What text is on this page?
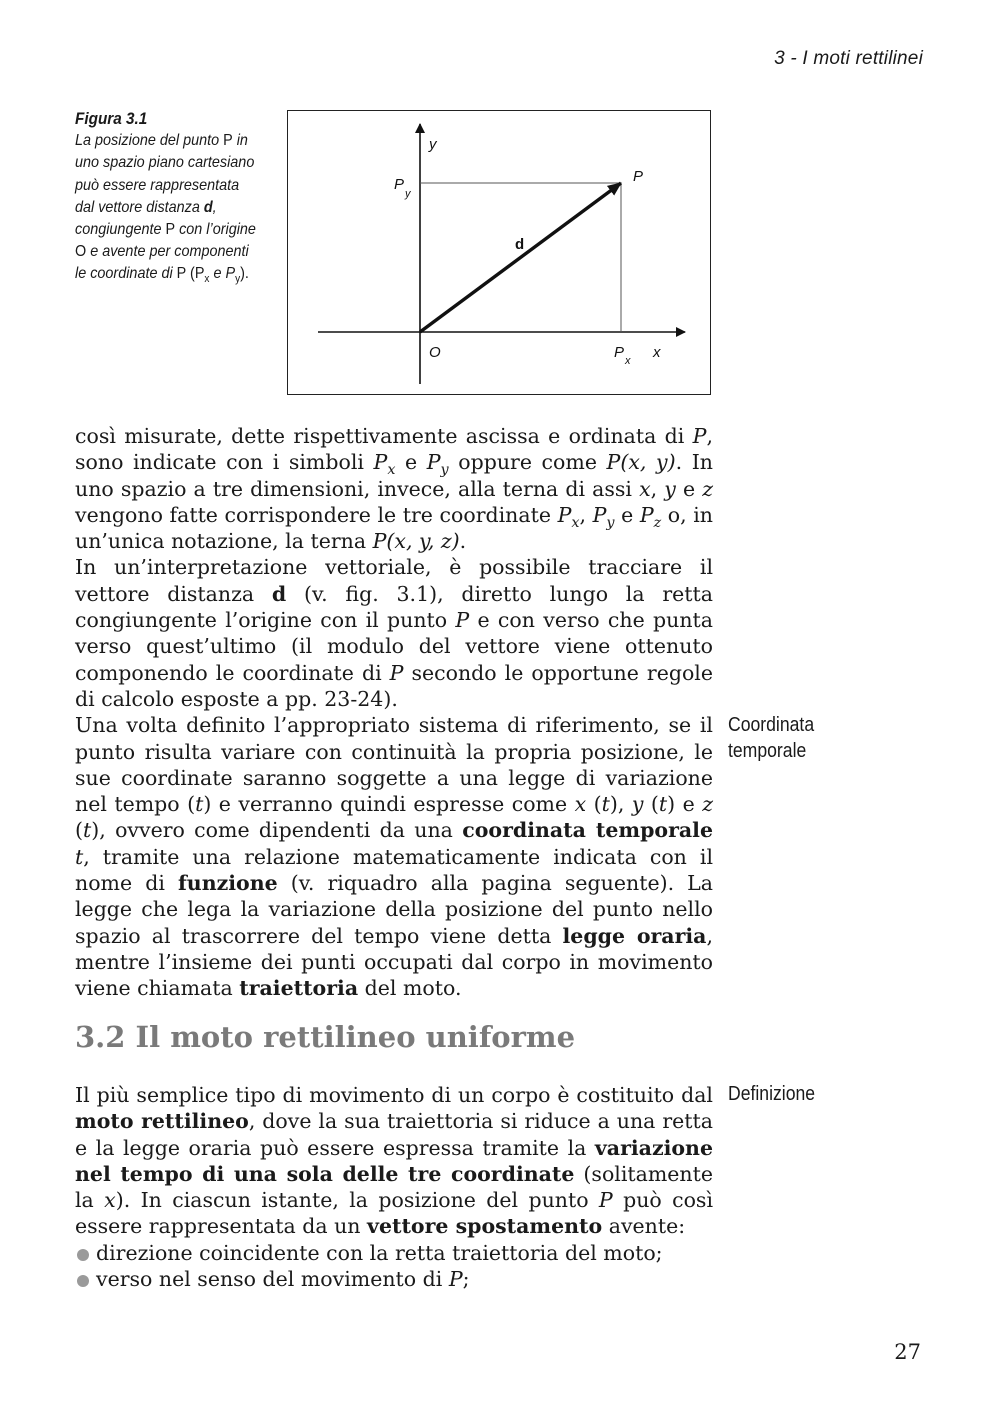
3 - I moti rettilinei
Figura 3.1
La posizione del punto P in uno spazio piano cartesiano può essere rappresentata dal vettore distanza d, congiungente P con l’origine O e avente per componenti le coordinate di P ($P_x$ e $P_y$).
y
x
O
P
P
y
P x
d

così misurate, dette rispettivamente ascissa e ordinata di P, sono indicate con i simboli $P_x$ e $P_y$ oppure come P(x, y). In uno spazio a tre dimensioni, invece, alla terna di assi x, y e z vengono fatte corrispondere le tre coordinate $P_x$, $P_y$ e $P_z$ o, in un’unica notazione, la terna P(x, y, z).

In un’interpretazione vettoriale, è possibile tracciare il vettore distanza d (v. fig. 3.1), diretto lungo la retta congiungente l’origine con il punto P e con verso che punta verso quest’ultimo (il modulo del vettore viene ottenuto componendo le coordinate di P secondo le opportune regole di calcolo esposte a pp. 23-24).

Una volta definito l’appropriato sistema di riferimento, se il punto risulta variare con continuità la propria posizione, le sue coordinate saranno soggette a una legge di variazione nel tempo (t) e verranno quindi espresse come x (t), y (t) e z (t), ovvero come dipendenti da una coordinata temporale t, tramite una relazione matematicamente indicata con il nome di funzione (v. riquadro alla pagina seguente). La legge che lega la variazione della posizione del punto nello spazio al trascorrere del tempo viene detta legge oraria, mentre l’insieme dei punti occupati dal corpo in movimento viene chiamata traiettoria del moto.

Coordinata
temporale
3.2 Il moto rettilineo uniforme
Definizione

Il più semplice tipo di movimento di un corpo è costituito dal moto rettilineo, dove la sua traiettoria si riduce a una retta e la legge oraria può essere espressa tramite la variazione nel tempo di una sola delle tre coordinate (solitamente la x). In ciascun istante, la posizione del punto P può così essere rappresentata da un vettore spostamento avente:

direzione coincidente con la retta traiettoria del moto;
verso nel senso del movimento di P;
27
